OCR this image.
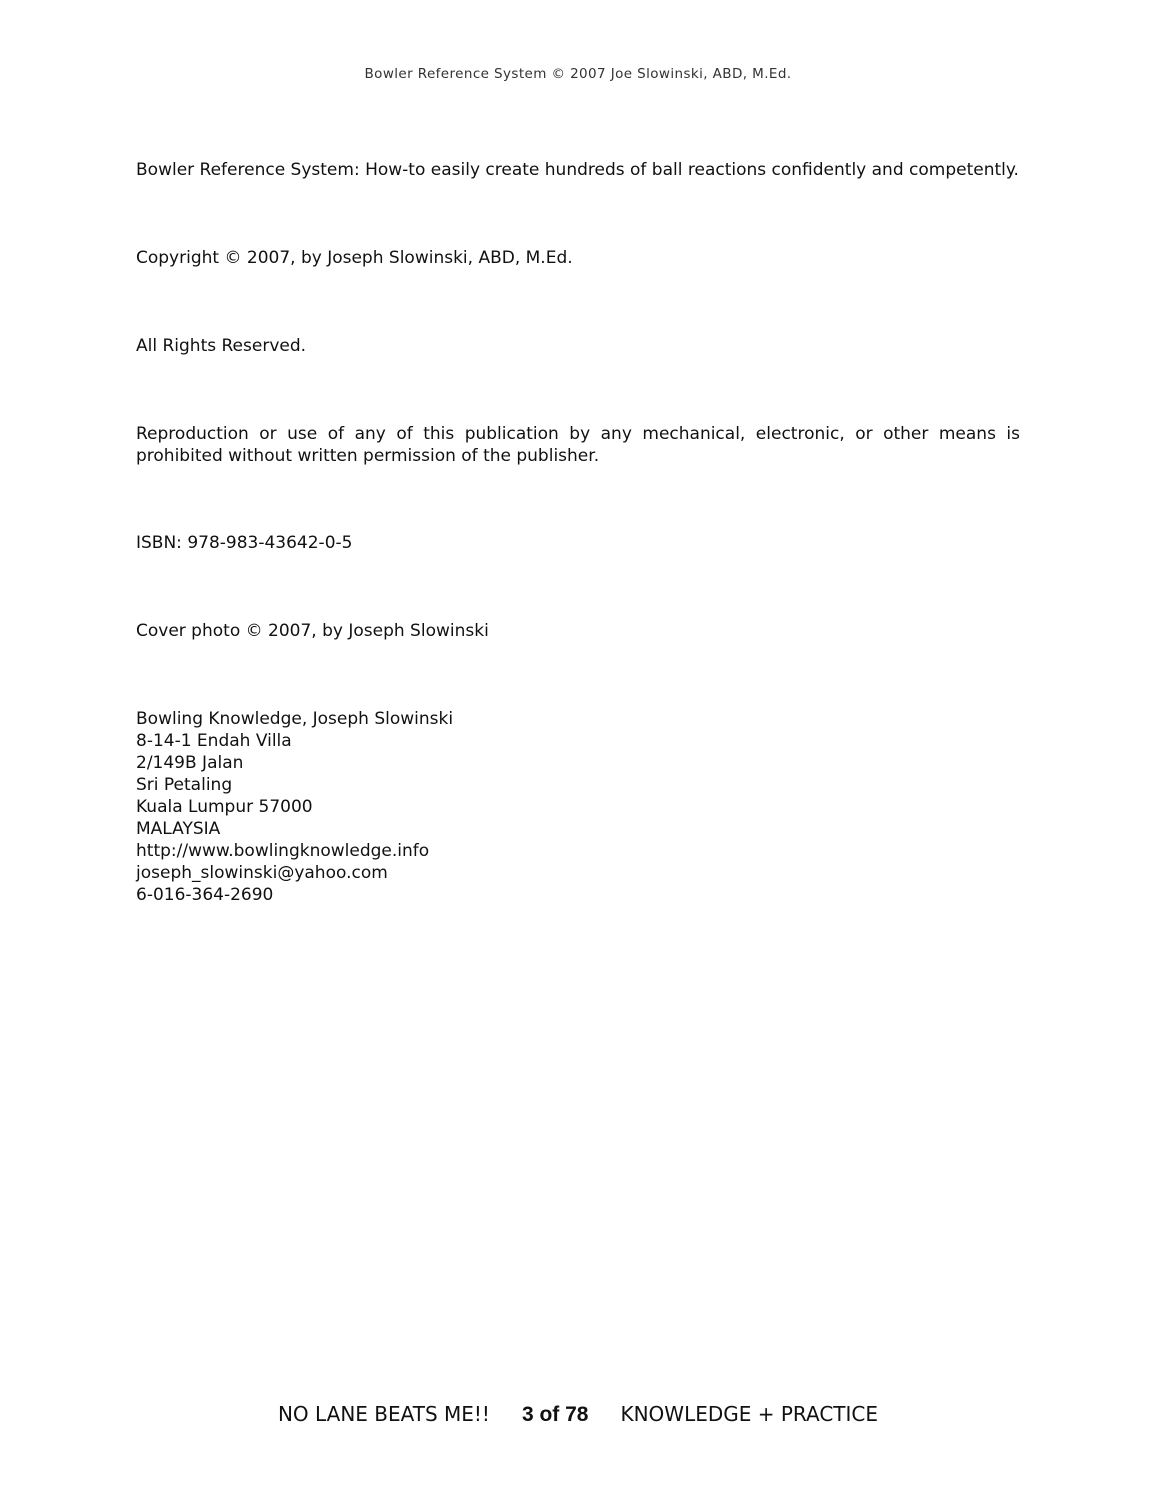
Bowler Reference System © 2007 Joe Slowinski, ABD, M.Ed.
Bowler Reference System: How-to easily create hundreds of ball reactions confidently and competently.
Copyright © 2007, by Joseph Slowinski, ABD, M.Ed.
All Rights Reserved.
Reproduction or use of any of this publication by any mechanical, electronic, or other means is prohibited without written permission of the publisher.
ISBN: 978-983-43642-0-5
Cover photo © 2007, by Joseph Slowinski
Bowling Knowledge, Joseph Slowinski
8-14-1 Endah Villa
2/149B Jalan
Sri Petaling
Kuala Lumpur 57000
MALAYSIA
http://www.bowlingknowledge.info
joseph_slowinski@yahoo.com
6-016-364-2690
NO LANE BEATS ME!! 3 of 78 KNOWLEDGE + PRACTICE
